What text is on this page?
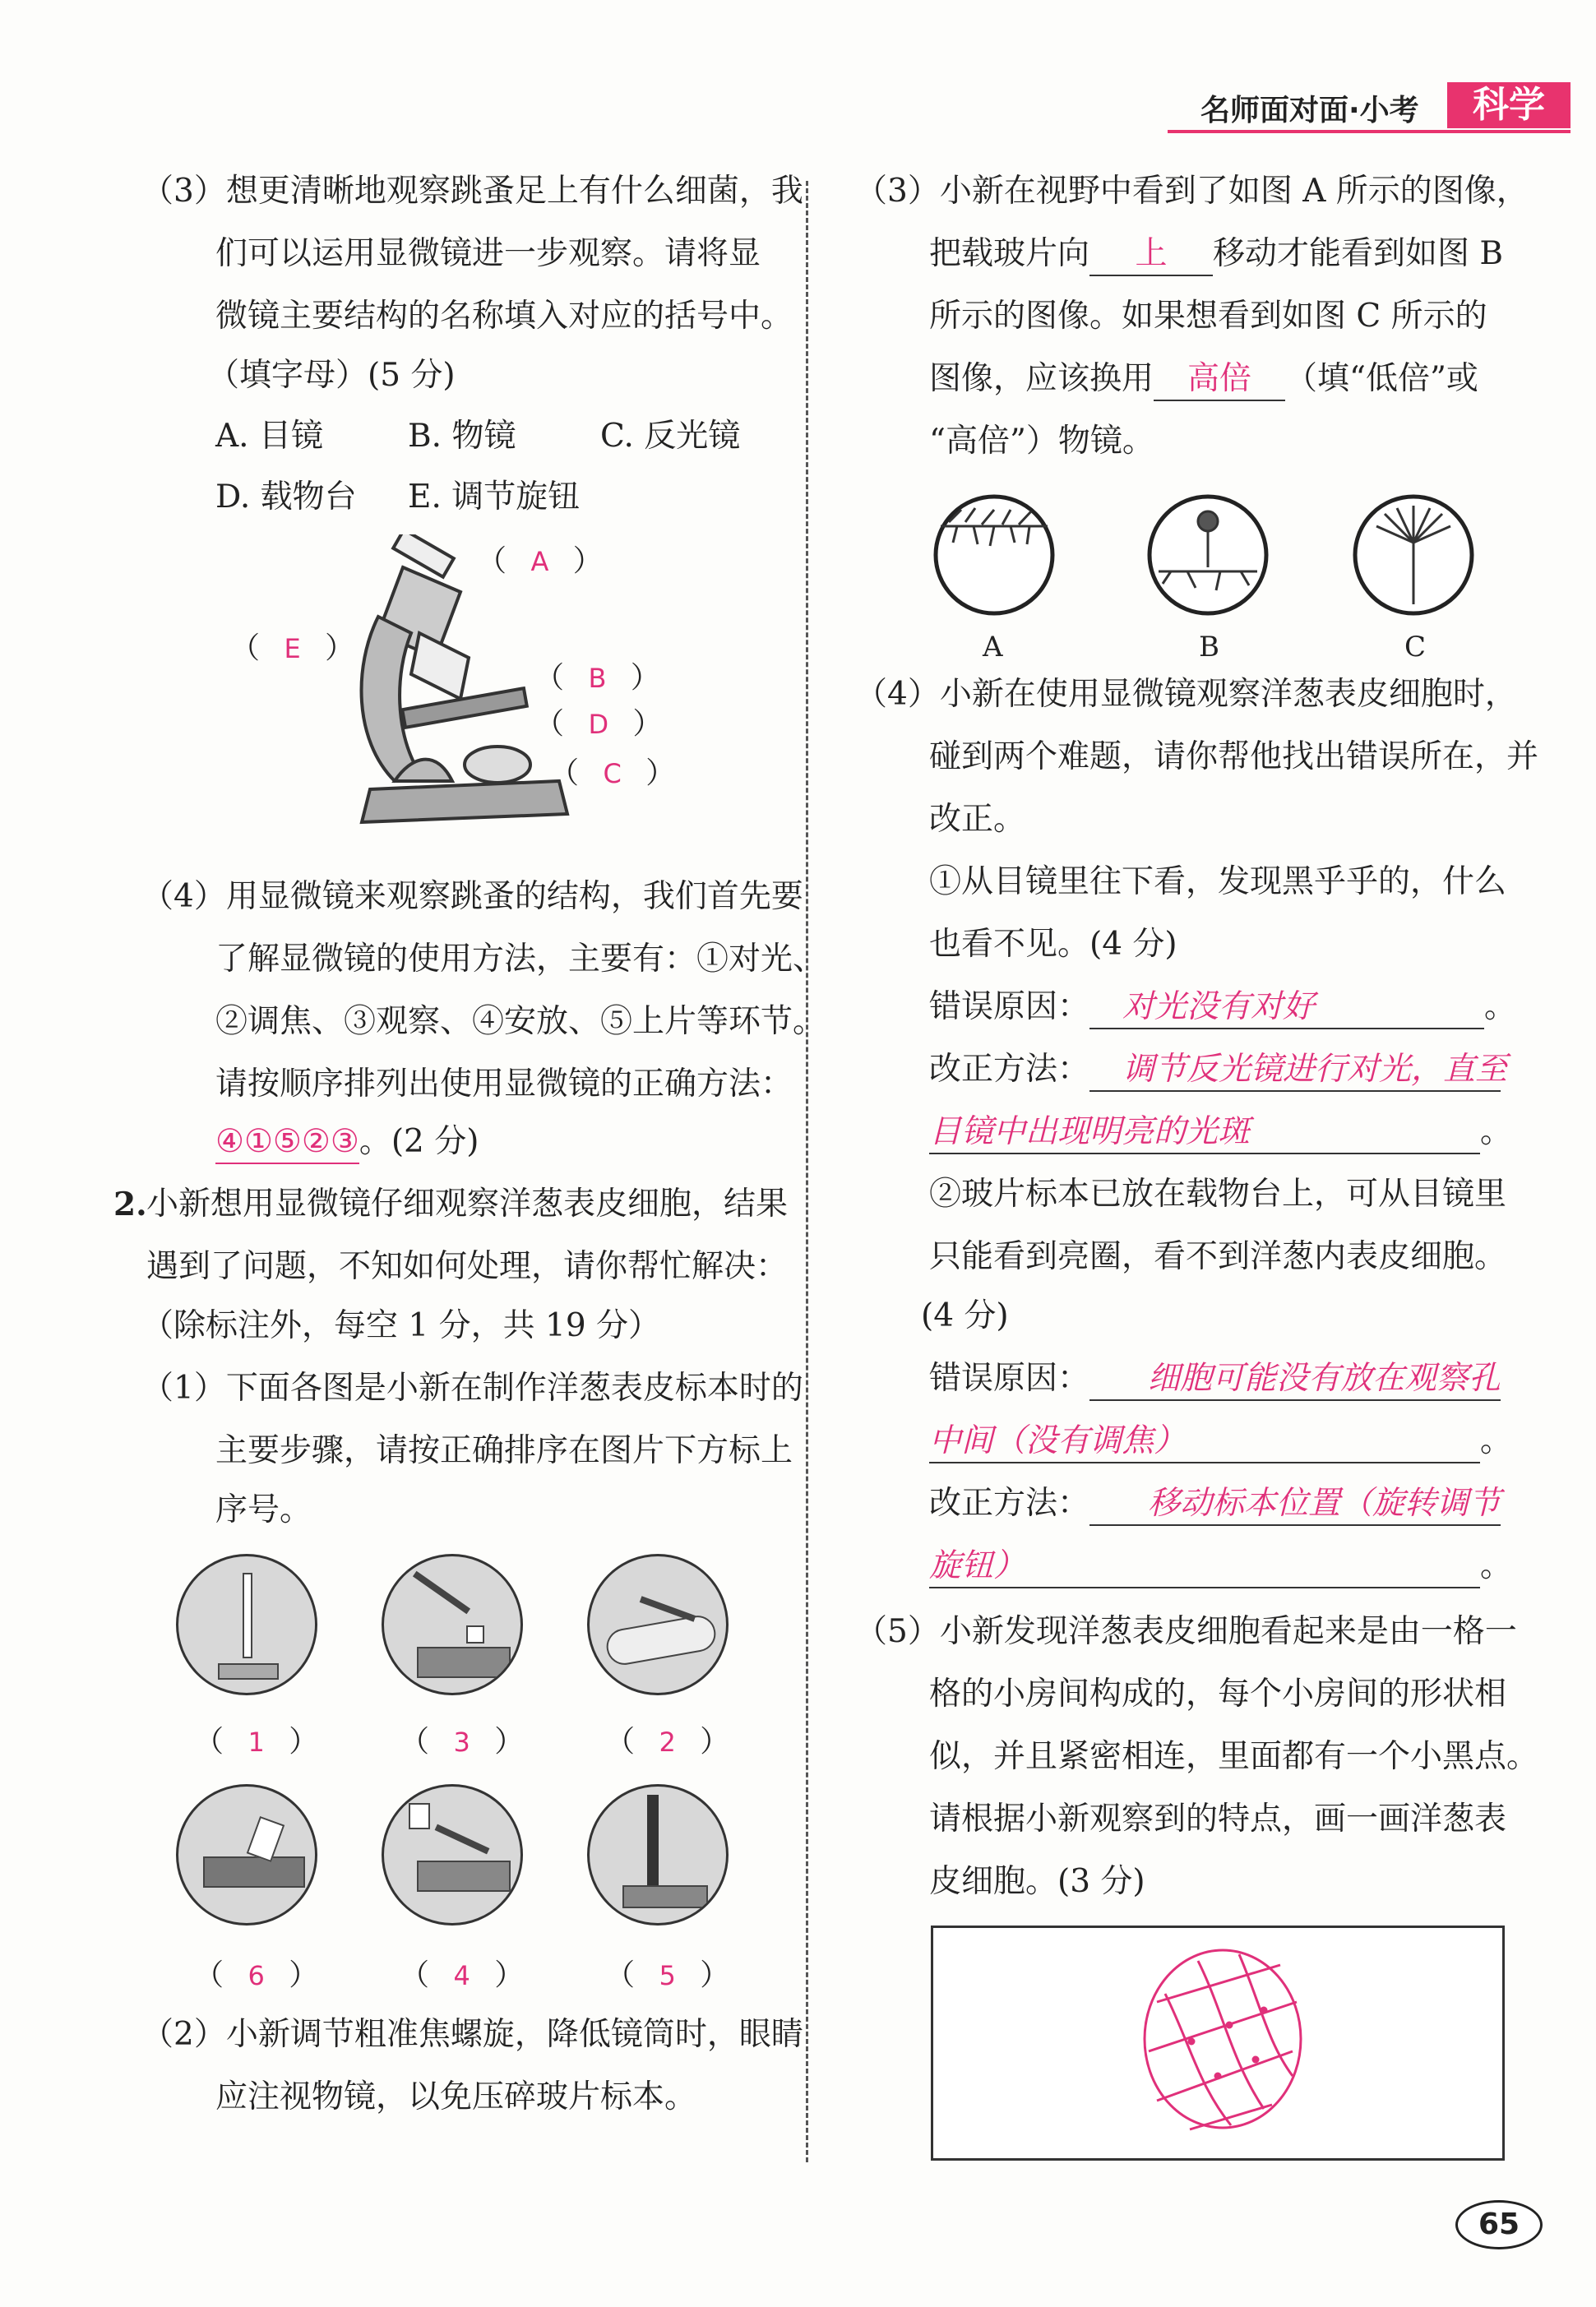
名师面对面·小考	科学
（3）想更清晰地观察跳蚤足上有什么细菌，我
们可以运用显微镜进一步观察。请将显
微镜主要结构的名称填入对应的括号中。
（填字母）(5 分)
A. 目镜	B. 物镜	C. 反光镜
D. 载物台 E. 调节旋钮
（ A ）
（ E ）
（ B ）
（ D ）
（ C ）
（4）用显微镜来观察跳蚤的结构，我们首先要
了解显微镜的使用方法，主要有：①对光、
②调焦、③观察、④安放、⑤上片等环节。
请按顺序排列出使用显微镜的正确方法：
④①⑤②③。(2 分)
2. 小新想用显微镜仔细观察洋葱表皮细胞，结果
遇到了问题，不知如何处理，请你帮忙解决：
（除标注外，每空 1 分，共 19 分）
（1）下面各图是小新在制作洋葱表皮标本时的
主要步骤，请按正确排序在图片下方标上
序号。
（ 1 ）	（ 3 ）	（ 2 ）
（ 6 ）	（ 4 ）	（ 5 ）
（2）小新调节粗准焦螺旋，降低镜筒时，眼睛
应注视物镜，以免压碎玻片标本。
（3）小新在视野中看到了如图 A 所示的图像，
把载玻片向 上 移动才能看到如图 B
所示的图像。如果想看到如图 C 所示的
图像，应该换用 高倍 （填“低倍”或
“高倍”）物镜。
A	B	C
（4）小新在使用显微镜观察洋葱表皮细胞时，
碰到两个难题，请你帮他找出错误所在，并
改正。
①从目镜里往下看，发现黑乎乎的，什么
也看不见。(4 分)
错误原因： 对光没有对好	。
改正方法： 调节反光镜进行对光，直至
目镜中出现明亮的光斑	。
②玻片标本已放在载物台上，可从目镜里
只能看到亮圈，看不到洋葱内表皮细胞。
(4 分)
错误原因： 细胞可能没有放在观察孔
中间（没有调焦）	。
改正方法： 移动标本位置（旋转调节
旋钮）	。
（5）小新发现洋葱表皮细胞看起来是由一格一
格的小房间构成的，每个小房间的形状相
似，并且紧密相连，里面都有一个小黑点。
请根据小新观察到的特点，画一画洋葱表
皮细胞。(3 分)
65
